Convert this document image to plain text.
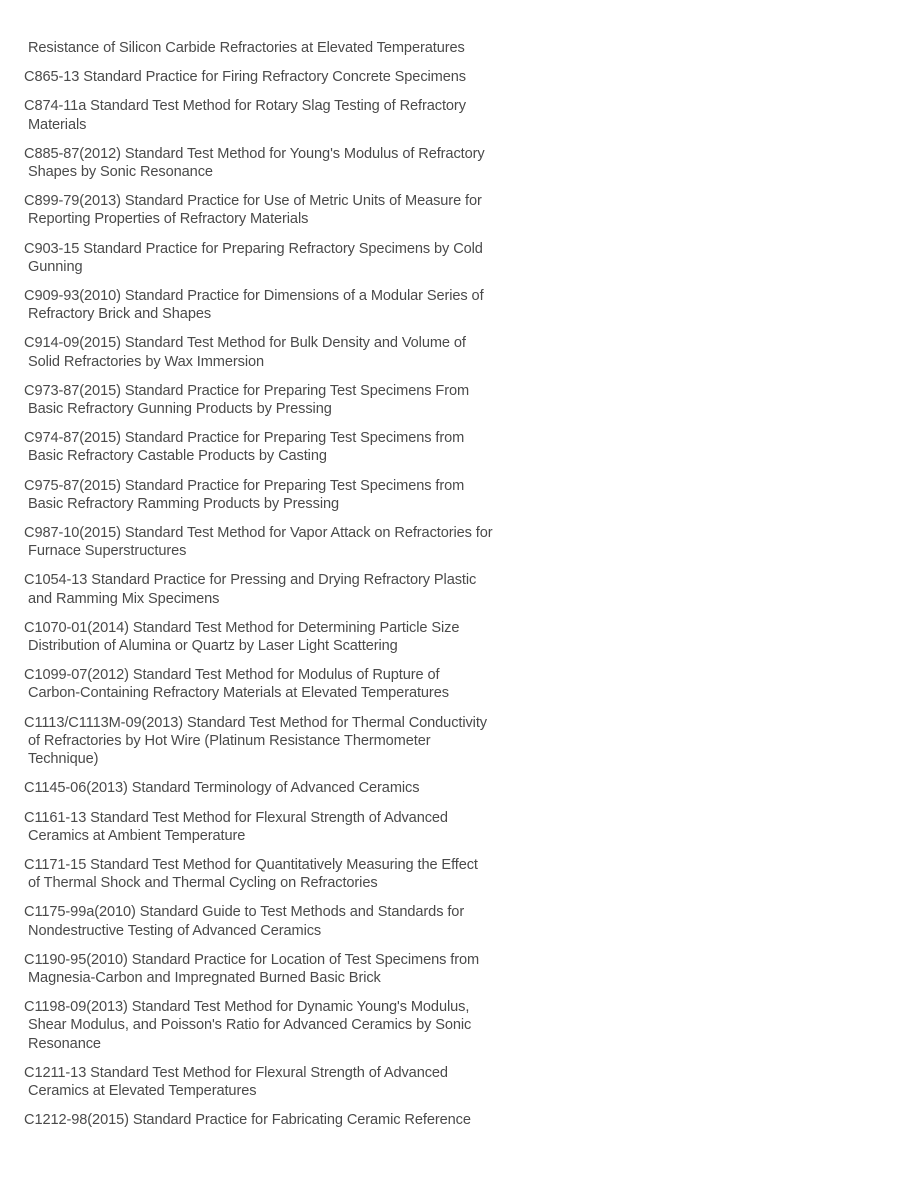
Resistance of Silicon Carbide Refractories at Elevated Temperatures
C865-13 Standard Practice for Firing Refractory Concrete Specimens
C874-11a Standard Test Method for Rotary Slag Testing of Refractory
Materials
C885-87(2012) Standard Test Method for Young's Modulus of Refractory
Shapes by Sonic Resonance
C899-79(2013) Standard Practice for Use of Metric Units of Measure for
Reporting Properties of Refractory Materials
C903-15 Standard Practice for Preparing Refractory Specimens by Cold
Gunning
C909-93(2010) Standard Practice for Dimensions of a Modular Series of
Refractory Brick and Shapes
C914-09(2015) Standard Test Method for Bulk Density and Volume of
Solid Refractories by Wax Immersion
C973-87(2015) Standard Practice for Preparing Test Specimens From
Basic Refractory Gunning Products by Pressing
C974-87(2015) Standard Practice for Preparing Test Specimens from
Basic Refractory Castable Products by Casting
C975-87(2015) Standard Practice for Preparing Test Specimens from
Basic Refractory Ramming Products by Pressing
C987-10(2015) Standard Test Method for Vapor Attack on Refractories for
Furnace Superstructures
C1054-13 Standard Practice for Pressing and Drying Refractory Plastic
and Ramming Mix Specimens
C1070-01(2014) Standard Test Method for Determining Particle Size
Distribution of Alumina or Quartz by Laser Light Scattering
C1099-07(2012) Standard Test Method for Modulus of Rupture of
Carbon-Containing Refractory Materials at Elevated Temperatures
C1113/C1113M-09(2013) Standard Test Method for Thermal Conductivity
of Refractories by Hot Wire (Platinum Resistance Thermometer
Technique)
C1145-06(2013) Standard Terminology of Advanced Ceramics
C1161-13 Standard Test Method for Flexural Strength of Advanced
Ceramics at Ambient Temperature
C1171-15 Standard Test Method for Quantitatively Measuring the Effect
of Thermal Shock and Thermal Cycling on Refractories
C1175-99a(2010) Standard Guide to Test Methods and Standards for
Nondestructive Testing of Advanced Ceramics
C1190-95(2010) Standard Practice for Location of Test Specimens from
Magnesia-Carbon and Impregnated Burned Basic Brick
C1198-09(2013) Standard Test Method for Dynamic Young's Modulus,
Shear Modulus, and Poisson's Ratio for Advanced Ceramics by Sonic
Resonance
C1211-13 Standard Test Method for Flexural Strength of Advanced
Ceramics at Elevated Temperatures
C1212-98(2015) Standard Practice for Fabricating Ceramic Reference
